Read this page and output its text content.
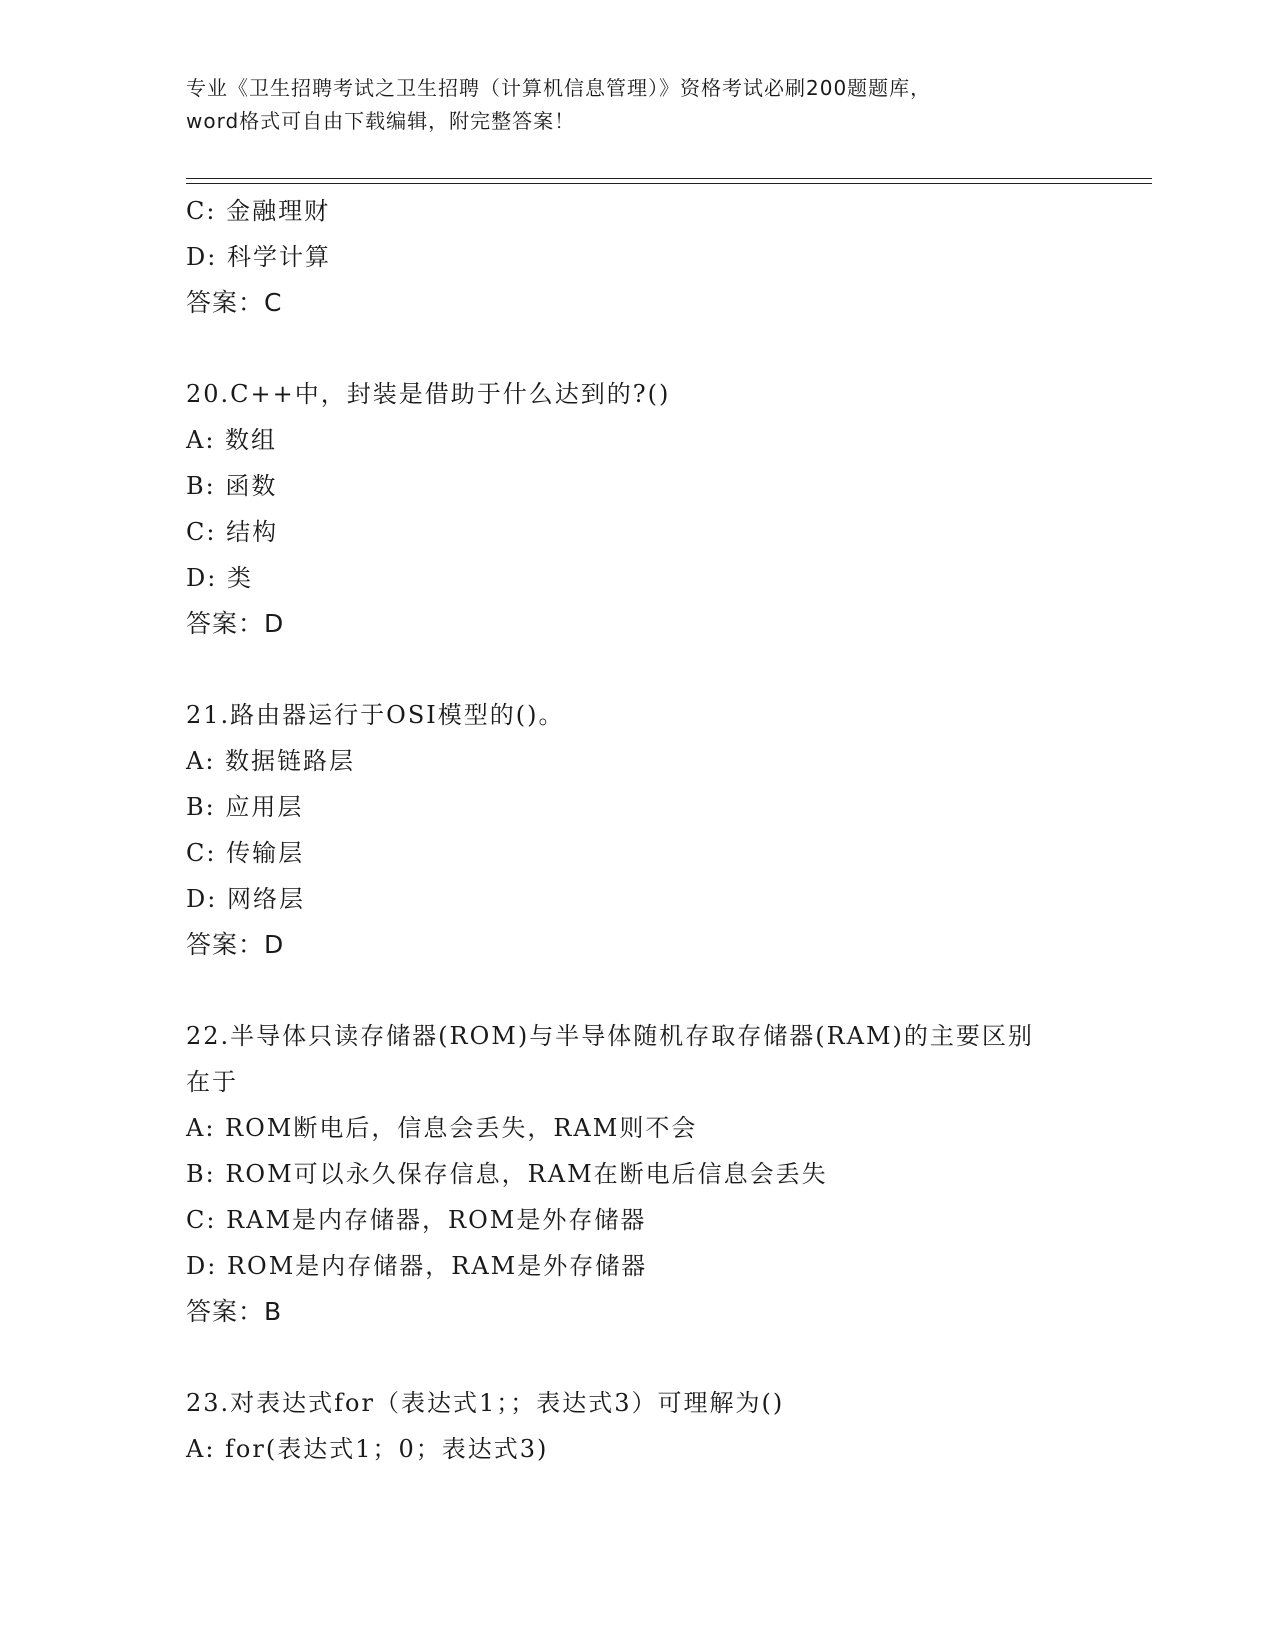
专业《卫生招聘考试之卫生招聘（计算机信息管理）》资格考试必刷200题题库，
word格式可自由下载编辑，附完整答案！
C: 金融理财
D: 科学计算
答案：C
20.C++中，封装是借助于什么达到的?()
A: 数组
B: 函数
C: 结构
D: 类
答案：D
21.路由器运行于OSI模型的()。
A: 数据链路层
B: 应用层
C: 传输层
D: 网络层
答案：D
22.半导体只读存储器(ROM)与半导体随机存取存储器(RAM)的主要区别
在于
A: ROM断电后，信息会丢失，RAM则不会
B: ROM可以永久保存信息，RAM在断电后信息会丢失
C: RAM是内存储器，ROM是外存储器
D: ROM是内存储器，RAM是外存储器
答案：B
23.对表达式for（表达式1；；表达式3）可理解为()
A: for(表达式1；0；表达式3)
